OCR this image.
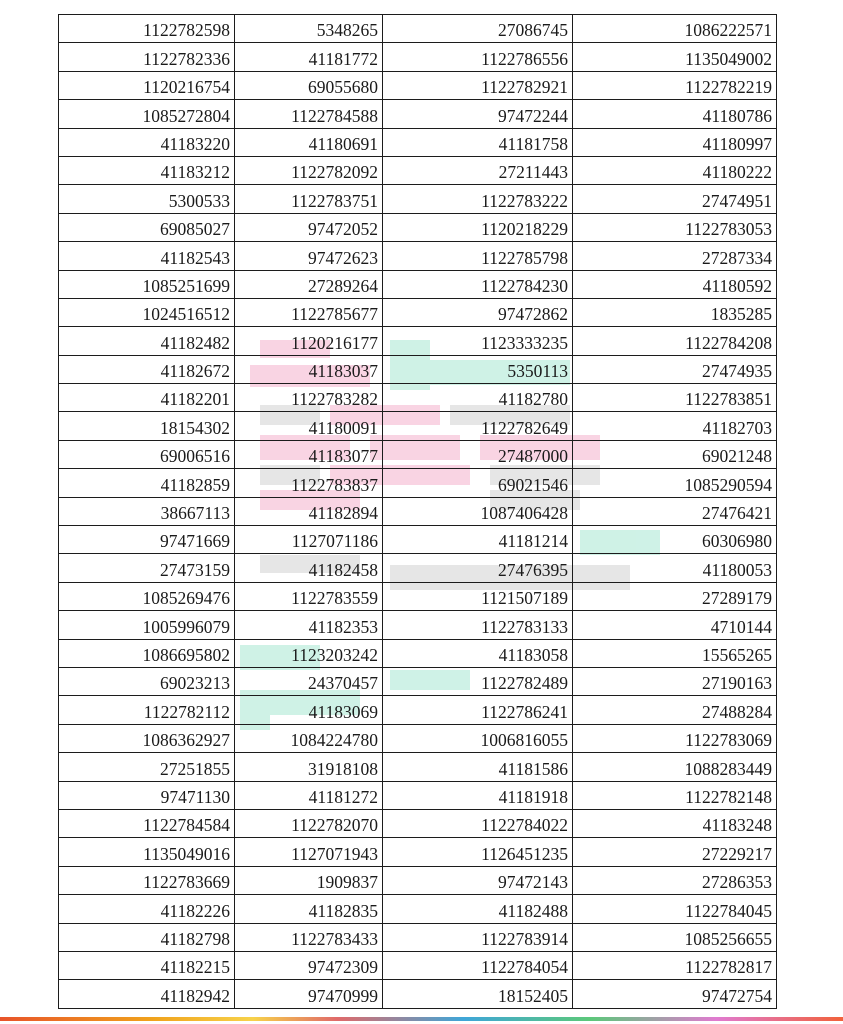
1122782598	5348265	27086745	1086222571
1122782336	41181772	1122786556	1135049002
1120216754	69055680	1122782921	1122782219
1085272804	1122784588	97472244	41180786
41183220	41180691	41181758	41180997
41183212	1122782092	27211443	41180222
5300533	1122783751	1122783222	27474951
69085027	97472052	1120218229	1122783053
41182543	97472623	1122785798	27287334
1085251699	27289264	1122784230	41180592
1024516512	1122785677	97472862	1835285
41182482	1120216177	1123333235	1122784208
41182672	41183037	5350113	27474935
41182201	1122783282	41182780	1122783851
18154302	41180091	1122782649	41182703
69006516	41183077	27487000	69021248
41182859	1122783837	69021546	1085290594
38667113	41182894	1087406428	27476421
97471669	1127071186	41181214	60306980
27473159	41182458	27476395	41180053
1085269476	1122783559	1121507189	27289179
1005996079	41182353	1122783133	4710144
1086695802	1123203242	41183058	15565265
69023213	24370457	1122782489	27190163
1122782112	41183069	1122786241	27488284
1086362927	1084224780	1006816055	1122783069
27251855	31918108	41181586	1088283449
97471130	41181272	41181918	1122782148
1122784584	1122782070	1122784022	41183248
1135049016	1127071943	1126451235	27229217
1122783669	1909837	97472143	27286353
41182226	41182835	41182488	1122784045
41182798	1122783433	1122783914	1085256655
41182215	97472309	1122784054	1122782817
41182942	97470999	18152405	97472754
